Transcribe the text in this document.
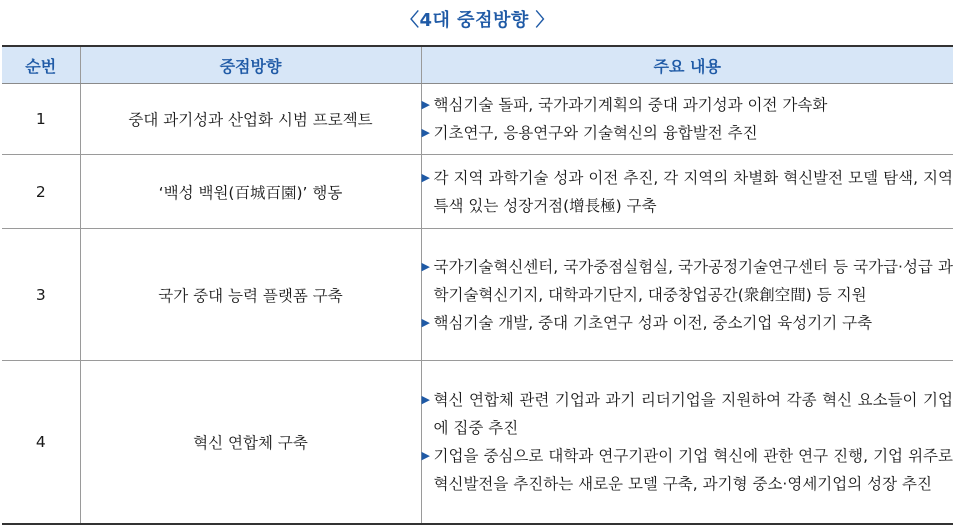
〈4대 중점방향 〉
순번	중점방향	주요 내용
1	중대 과기성과 산업화 시범 프로젝트	▶ 핵심기술 돌파, 국가과기계획의 중대 과기성과 이전 가속화
▶ 기초연구, 응용연구와 기술혁신의 융합발전 추진

2	‘백성 백원(百城百園)’ 행동	▶ 각 지역 과학기술 성과 이전 추진, 각 지역의 차별화 혁신발전 모델 탐색, 지역 특색 있는 성장거점(增長極) 구축

3	국가 중대 능력 플랫폼 구축	▶ 국가기술혁신센터, 국가중점실험실, 국가공정기술연구센터 등 국가급·성급 과학기술혁신기지, 대학과기단지, 대중창업공간(衆創空間) 등 지원
▶ 핵심기술 개발, 중대 기초연구 성과 이전, 중소기업 육성기기 구축

4	혁신 연합체 구축	▶ 혁신 연합체 관련 기업과 과기 리더기업을 지원하여 각종 혁신 요소들이 기업에 집중 추진
▶ 기업을 중심으로 대학과 연구기관이 기업 혁신에 관한 연구 진행, 기업 위주로 혁신발전을 추진하는 새로운 모델 구축, 과기형 중소·영세기업의 성장 추진
